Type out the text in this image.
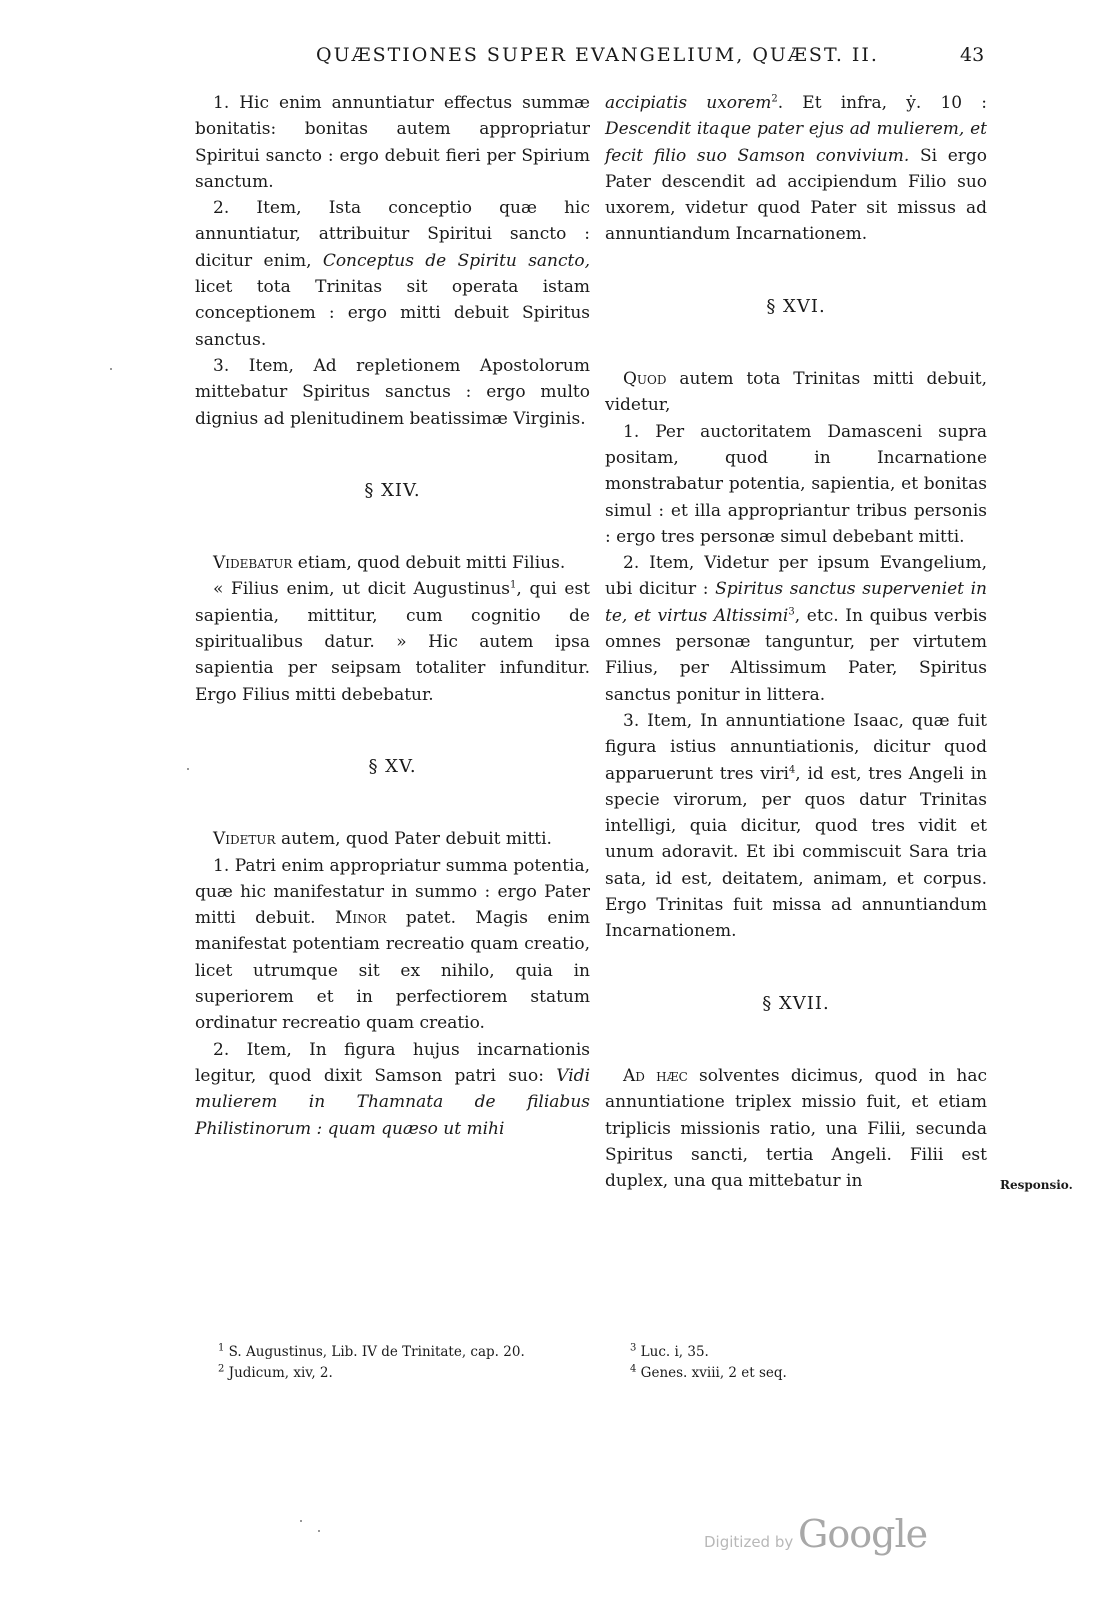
QUÆSTIONES SUPER EVANGELIUM, QUÆST. II.	43

1. Hic enim annuntiatur effectus summæ bonitatis: bonitas autem appropriatur Spiritui sancto : ergo debuit fieri per Spirium sanctum.

2. Item, Ista conceptio quæ hic annuntiatur, attribuitur Spiritui sancto : dicitur enim, Conceptus de Spiritu sancto, licet tota Trinitas sit operata istam conceptionem : ergo mitti debuit Spiritus sanctus.

3. Item, Ad repletionem Apostolorum mittebatur Spiritus sanctus : ergo multo dignius ad plenitudinem beatissimæ Virginis.

§ XIV.

Videbatur etiam, quod debuit mitti Filius.

« Filius enim, ut dicit Augustinus$^1$, qui est sapientia, mittitur, cum cognitio de spiritualibus datur. » Hic autem ipsa sapientia per seipsam totaliter infunditur. Ergo Filius mitti debebatur.

§ XV.

Videtur autem, quod Pater debuit mitti.

1. Patri enim appropriatur summa potentia, quæ hic manifestatur in summo : ergo Pater mitti debuit. Minor patet. Magis enim manifestat potentiam recreatio quam creatio, licet utrumque sit ex nihilo, quia in superiorem et in perfectiorem statum ordinatur recreatio quam creatio.

2. Item, In figura hujus incarnationis legitur, quod dixit Samson patri suo: Vidi mulierem in Thamnata de filiabus Philistinorum : quam quæso ut mihi

accipiatis uxorem$^2$. Et infra, ẏ. 10 : Descendit itaque pater ejus ad mulierem, et fecit filio suo Samson convivium. Si ergo Pater descendit ad accipiendum Filio suo uxorem, videtur quod Pater sit missus ad annuntiandum Incarnationem.

§ XVI.

Quod autem tota Trinitas mitti debuit, videtur,

1. Per auctoritatem Damasceni supra positam, quod in Incarnatione monstrabatur potentia, sapientia, et bonitas simul : et illa appropriantur tribus personis : ergo tres personæ simul debebant mitti.

2. Item, Videtur per ipsum Evangelium, ubi dicitur : Spiritus sanctus superveniet in te, et virtus Altissimi$^3$, etc. In quibus verbis omnes personæ tanguntur, per virtutem Filius, per Altissimum Pater, Spiritus sanctus ponitur in littera.

3. Item, In annuntiatione Isaac, quæ fuit figura istius annuntiationis, dicitur quod apparuerunt tres viri$^4$, id est, tres Angeli in specie virorum, per quos datur Trinitas intelligi, quia dicitur, quod tres vidit et unum adoravit. Et ibi commiscuit Sara tria sata, id est, deitatem, animam, et corpus. Ergo Trinitas fuit missa ad annuntiandum Incarnationem.

§ XVII.

Ad hæc solventes dicimus, quod in hac annuntiatione triplex missio fuit, et etiam triplicis missionis ratio, una Filii, secunda Spiritus sancti, tertia Angeli. Filii est duplex, una qua mittebatur in	Responsio.
$^1$ S. Augustinus, Lib. IV de Trinitate, cap. 20.
$^2$ Judicum, xiv, 2.
$^3$ Luc. i, 35.
$^4$ Genes. xviii, 2 et seq.
Digitized by Google
